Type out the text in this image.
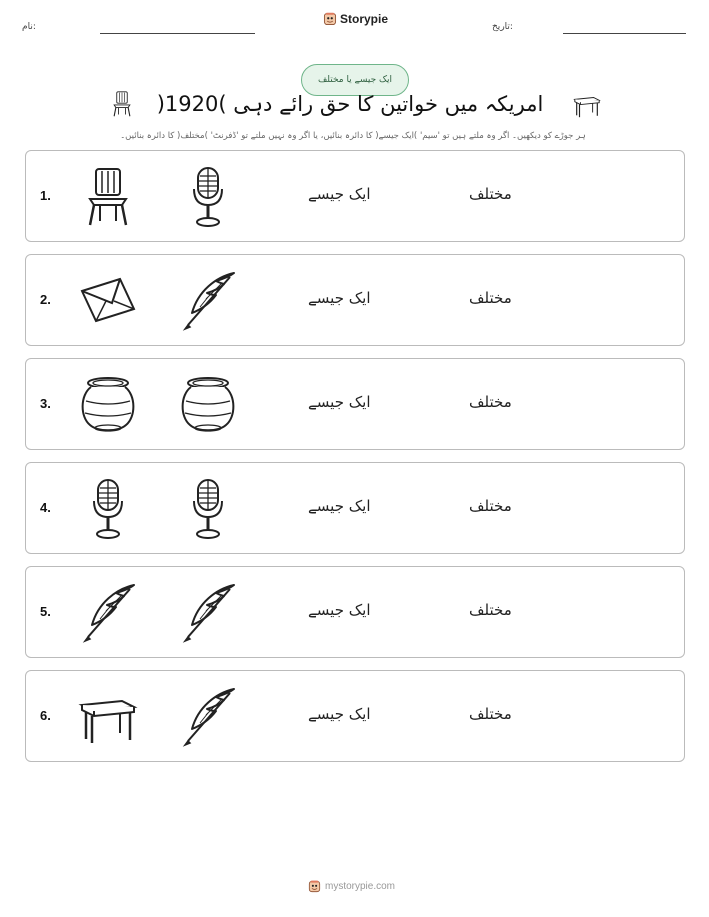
نام:
Storypie
تاریخ:
ایک جیسے یا مختلف
امریکہ میں خواتین کا حق رائے دہی )1920(
ہر جوڑے کو دیکھیں۔ اگر وہ ملتے ہیں تو 'سیم' )ایک جیسے( کا دائرہ بنائیں، یا اگر وہ نہیں ملتے تو 'ڈفرنٹ' )مختلف( کا دائرہ بنائیں۔
1.	ایک جیسے	مختلف
2.	ایک جیسے	مختلف
3.	ایک جیسے	مختلف
4.	ایک جیسے	مختلف
5.	ایک جیسے	مختلف
6.	ایک جیسے	مختلف
mystorypie.com
